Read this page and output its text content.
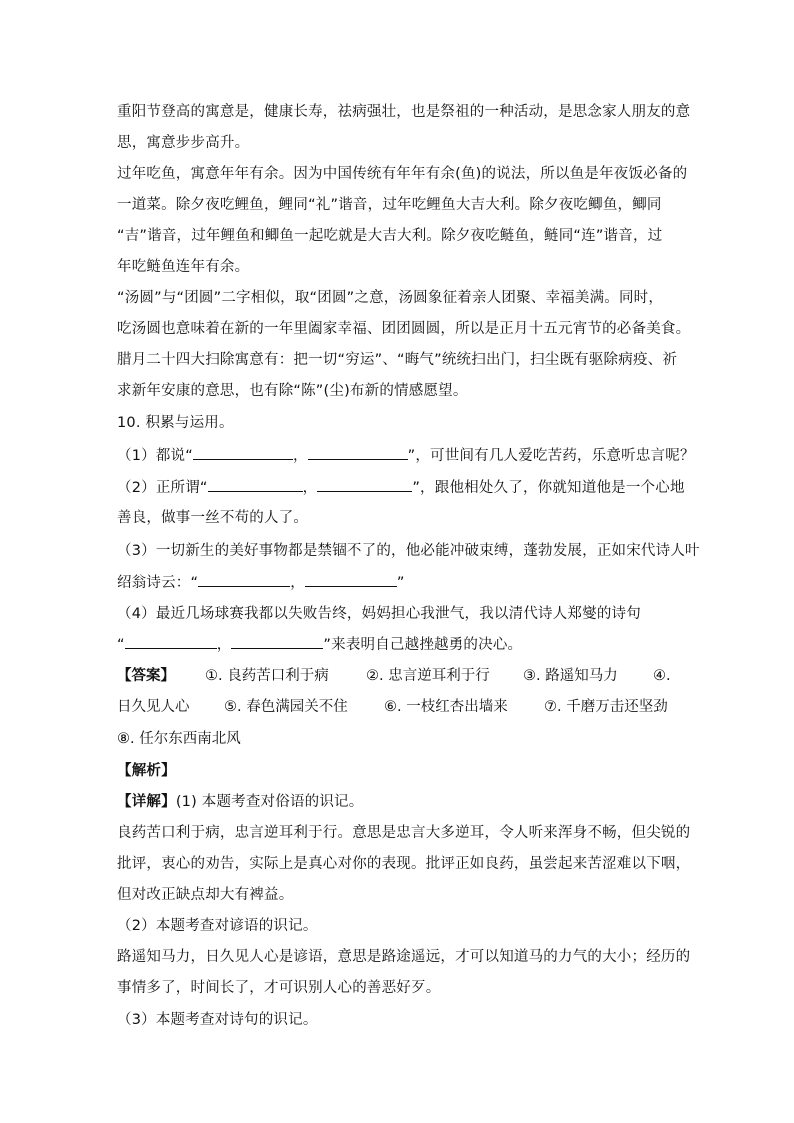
重阳节登高的寓意是，健康长寿，祛病强壮，也是祭祖的一种活动，是思念家人朋友的意
思，寓意步步高升。
过年吃鱼，寓意年年有余。因为中国传统有年年有余(鱼)的说法，所以鱼是年夜饭必备的
一道菜。除夕夜吃鲤鱼，鲤同“礼”谐音，过年吃鲤鱼大吉大利。除夕夜吃鲫鱼，鲫同
“吉”谐音，过年鲤鱼和鲫鱼一起吃就是大吉大利。除夕夜吃鲢鱼，鲢同“连”谐音，过
年吃鲢鱼连年有余。
“汤圆”与“团圆”二字相似，取“团圆”之意，汤圆象征着亲人团聚、幸福美满。同时，
吃汤圆也意味着在新的一年里阖家幸福、团团圆圆，所以是正月十五元宵节的必备美食。
腊月二十四大扫除寓意有：把一切“穷运”、“晦气”统统扫出门，扫尘既有驱除病疫、祈
求新年安康的意思，也有除“陈”(尘)布新的情感愿望。
10. 积累与运用。
（1）都说“	，	”，可世间有几人爱吃苦药，乐意听忠言呢？
（2）正所谓“	，	”，跟他相处久了，你就知道他是一个心地
善良，做事一丝不苟的人了。
（3）一切新生的美好事物都是禁锢不了的，他必能冲破束缚，蓬勃发展，正如宋代诗人叶
绍翁诗云：“	，	”
（4）最近几场球赛我都以失败告终，妈妈担心我泄气，我以清代诗人郑燮的诗句
“	，	”来表明自己越挫越勇的决心。
【答案】 ①. 良药苦口利于病	②. 忠言逆耳利于行 ③. 路遥知马力 ④.
日久见人心 ⑤. 春色满园关不住	⑥. 一枝红杏出墙来	⑦. 千磨万击还坚劲
⑧. 任尔东西南北风
【解析】
【详解】(1) 本题考查对俗语的识记。
良药苦口利于病，忠言逆耳利于行。意思是忠言大多逆耳，令人听来浑身不畅，但尖锐的
批评，衷心的劝告，实际上是真心对你的表现。批评正如良药，虽尝起来苦涩难以下咽，
但对改正缺点却大有裨益。
（2）本题考查对谚语的识记。
路遥知马力，日久见人心是谚语，意思是路途遥远，才可以知道马的力气的大小；经历的
事情多了，时间长了，才可识别人心的善恶好歹。
（3）本题考查对诗句的识记。
